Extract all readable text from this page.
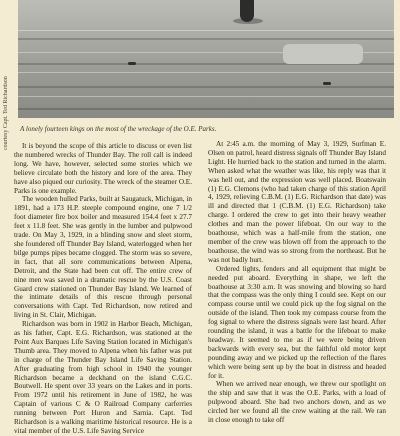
courtesy Capt. Ted Richardson	A lonely fourteen kings on the most of the wreckage of the O.E. Parks.

It is beyond the scope of this article to discuss or even list the numbered wrecks of Thunder Bay. The roll call is indeed long. We have, however, selected some stories which we believe circulate both the history and lore of the area. They have also piqued our curiosity. The wreck of the steamer O.E. Parks is one example.

The wooden hulled Parks, built at Saugatuck, Michigan, in 1891, had a 173 H.P. steeple compound engine, one 7 1/2 foot diameter fire box boiler and measured 154.4 feet x 27.7 feet x 11.8 feet. She was gently in the lumber and pulpwood trade. On May 3, 1929, in a blinding snow and sleet storm, she foundered off Thunder Bay Island, waterlogged when her bilge pumps pipes became clogged. The storm was so severe, in fact, that all sore communications between Alpena, Detroit, and the State had been cut off. The entire crew of nine men was saved in a dramatic rescue by the U.S. Coast Guard crew stationed on Thunder Bay Island. We learned of the intimate details of this rescue through personal conversations with Capt. Ted Richardson, now retired and living in St. Clair, Michigan.

Richardson was born in 1902 in Harbor Beach, Michigan, as his father, Capt. E.G. Richardson, was stationed at the Point Aux Barques Life Saving Station located in Michigan's Thumb area. They moved to Alpena when his father was put in charge of the Thunder Bay Island Life Saving Station. After graduating from high school in 1940 the younger Richardson became a deckhand on the island C.G.C. Boutwell. He spent over 33 years on the Lakes and in ports. From 1972 until his retirement in June of 1982, he was Captain of various C & O Railroad Company carferries running between Port Huron and Sarnia. Capt. Ted Richardson is a walking maritime historical resource. He is a vital member of the U.S. Life Saving Service

At 2:45 a.m. the morning of May 3, 1929, Surfman E. Olsen on patrol, heard distress signals off Thunder Bay Island Light. He hurried back to the station and turned in the alarm. When asked what the weather was like, his reply was that it was hell out, and the expression was well placed. Boatswain (1) E.G. Clemons (who had taken charge of this station April 4, 1929, relieving C.B.M. (1) E.G. Richardson that date) was ill and directed that 1 (C.B.M. (1) E.G. Richardson) take charge. I ordered the crew to get into their heavy weather clothes and man the power lifeboat. On our way to the boathouse, which was a half-mile from the station, one member of the crew was blown off from the approach to the boathouse, the wind was so strong from the northeast. But he was not badly hurt.

Ordered lights, fenders and all equipment that might be needed put aboard. Everything in shape, we left the boathouse at 3:30 a.m. It was snowing and blowing so hard that the compass was the only thing I could see. Kept on our compass course until we could pick up the fog signal on the outside of the island. Then took my compass course from the fog signal to where the distress signals were last heard. After rounding the island, it was a battle for the lifeboat to make headway. It seemed to me as if we were being driven backwards with every sea, but the faithful old motor kept pounding away and we picked up the reflection of the flares which were being sent up by the boat in distress and headed for it.

When we arrived near enough, we threw our spotlight on the ship and saw that it was the O.E. Parks, with a load of pulpwood aboard. She had two anchors down, and as we circled her we found all the crew waiting at the rail. We ran in close enough to take off
